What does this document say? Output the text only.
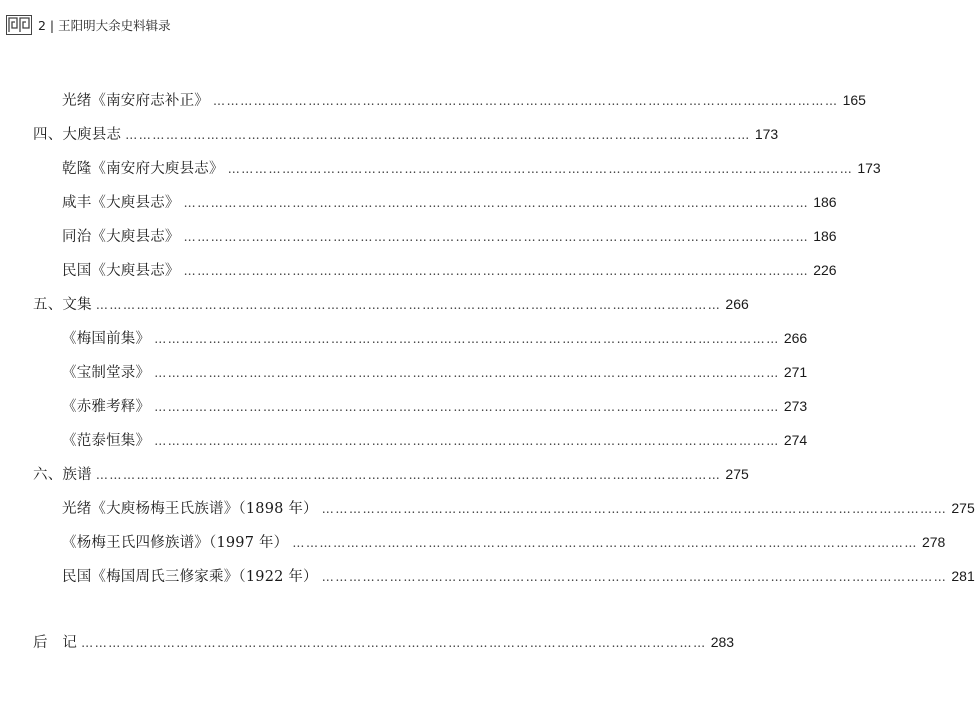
2 | 王阳明大余史料辑录
光绪《南安府志补正》 ………………………………………………………………………………………………………………………… 165
四、大庾县志 ………………………………………………………………………………………………………………………… 173
乾隆《南安府大庾县志》 ………………………………………………………………………………………………………………………… 173
咸丰《大庾县志》 ………………………………………………………………………………………………………………………… 186
同治《大庾县志》 ………………………………………………………………………………………………………………………… 186
民国《大庾县志》 ………………………………………………………………………………………………………………………… 226
五、文集 ………………………………………………………………………………………………………………………… 266
《梅国前集》 ………………………………………………………………………………………………………………………… 266
《宝制堂录》 ………………………………………………………………………………………………………………………… 271
《赤雅考释》 ………………………………………………………………………………………………………………………… 273
《范泰恒集》 ………………………………………………………………………………………………………………………… 274
六、族谱 ………………………………………………………………………………………………………………………… 275
光绪《大庾杨梅王氏族谱》（1898 年） ………………………………………………………………………………………………………………………… 275
《杨梅王氏四修族谱》（1997 年） ………………………………………………………………………………………………………………………… 278
民国《梅国周氏三修家乘》（1922 年） ………………………………………………………………………………………………………………………… 281
后　记 ………………………………………………………………………………………………………………………… 283
